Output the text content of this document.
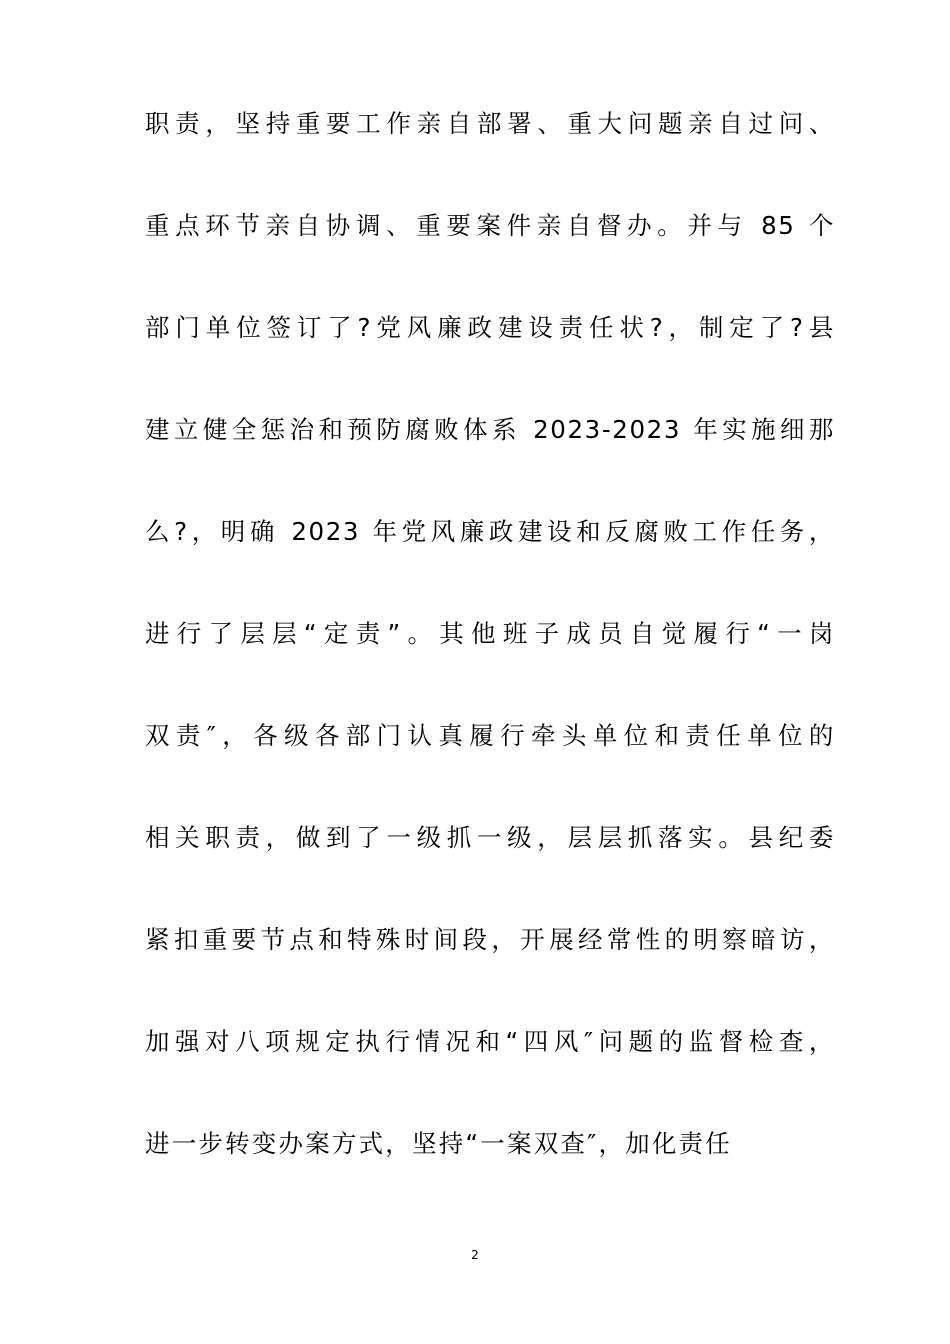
职责，坚持重要工作亲自部署、重大问题亲自过问、
重点环节亲自协调、重要案件亲自督办。并与 85 个
部门单位签订了?党风廉政建设责任状?，制定了?县
建立健全惩治和预防腐败体系 2023-2023 年实施细那
么?，明确 2023 年党风廉政建设和反腐败工作任务，
进行了层层“定责”。其他班子成员自觉履行“一岗
双责″，各级各部门认真履行牵头单位和责任单位的
相关职责，做到了一级抓一级，层层抓落实。县纪委
紧扣重要节点和特殊时间段，开展经常性的明察暗访，
加强对八项规定执行情况和“四风″问题的监督检查，
进一步转变办案方式，坚持“一案双查″，加化责任
2
